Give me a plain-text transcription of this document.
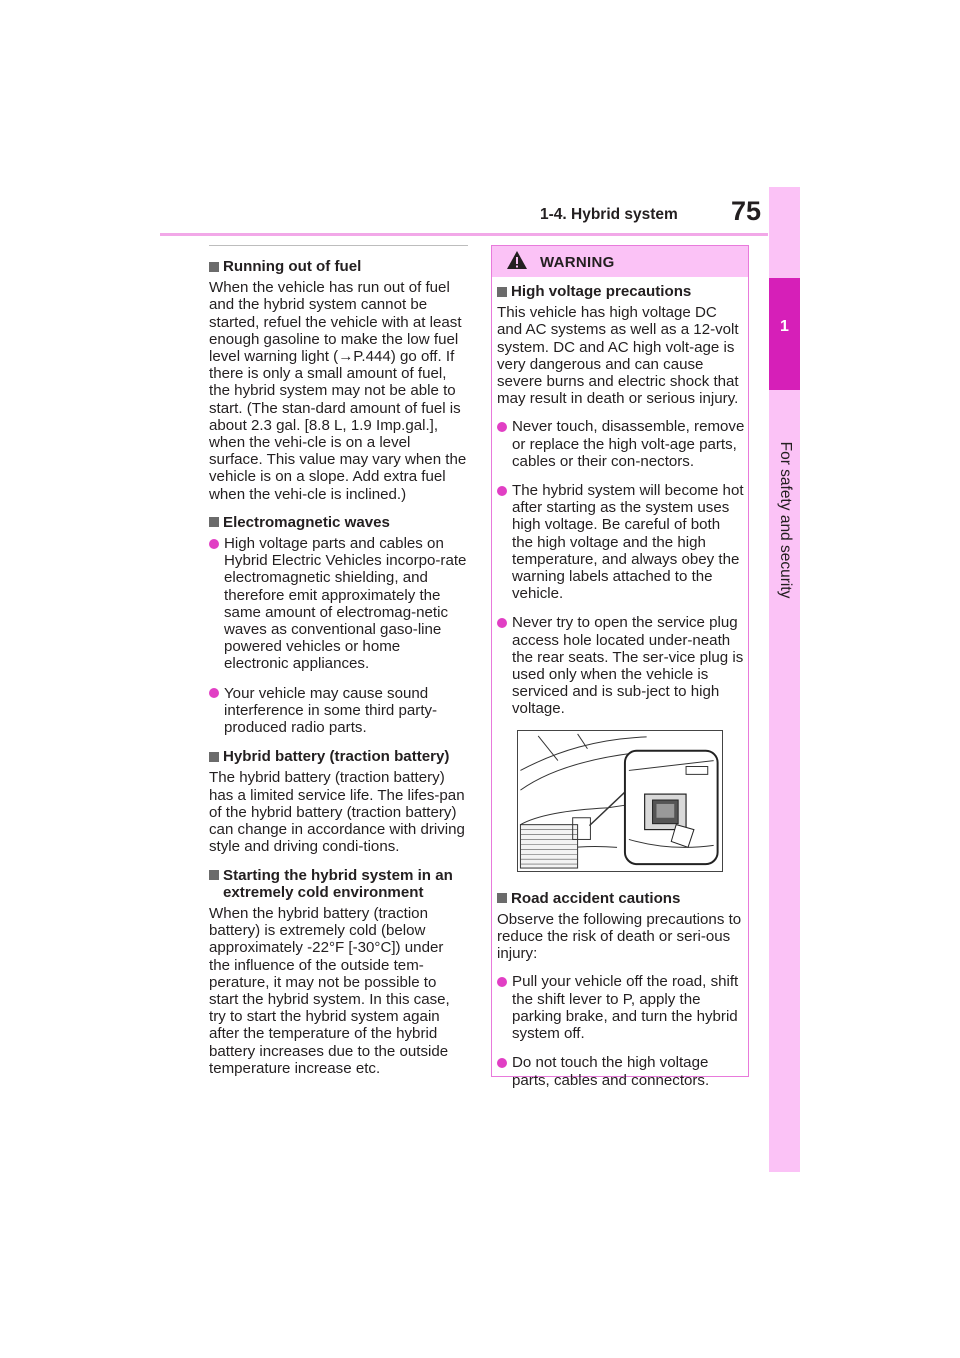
1-4. Hybrid system 75
1
For safety and security
Running out of fuel

When the vehicle has run out of fuel and the hybrid system cannot be started, refuel the vehicle with at least enough gasoline to make the low fuel level warning light (→P.444) go off. If there is only a small amount of fuel, the hybrid system may not be able to start. (The stan-dard amount of fuel is about 2.3 gal. [8.8 L, 1.9 Imp.gal.], when the vehi-cle is on a level surface. This value may vary when the vehicle is on a slope. Add extra fuel when the vehi-cle is inclined.)

Electromagnetic waves
High voltage parts and cables on Hybrid Electric Vehicles incorpo-rate electromagnetic shielding, and therefore emit approximately the same amount of electromag-netic waves as conventional gaso-line powered vehicles or home electronic appliances.
Your vehicle may cause sound interference in some third party-produced radio parts.
Hybrid battery (traction battery)

The hybrid battery (traction battery) has a limited service life. The lifes-pan of the hybrid battery (traction battery) can change in accordance with driving style and driving condi-tions.

Starting the hybrid system in an extremely cold environment

When the hybrid battery (traction battery) is extremely cold (below approximately -22°F [-30°C]) under the influence of the outside tem-perature, it may not be possible to start the hybrid system. In this case, try to start the hybrid system again after the temperature of the hybrid battery increases due to the outside temperature increase etc.

WARNING
High voltage precautions

This vehicle has high voltage DC and AC systems as well as a 12-volt system. DC and AC high volt-age is very dangerous and can cause severe burns and electric shock that may result in death or serious injury.

Never touch, disassemble, remove or replace the high volt-age parts, cables or their con-nectors.
The hybrid system will become hot after starting as the system uses high voltage. Be careful of both the high voltage and the high temperature, and always obey the warning labels attached to the vehicle.
Never try to open the service plug access hole located under-neath the rear seats. The ser-vice plug is used only when the vehicle is serviced and is sub-ject to high voltage.
Road accident cautions

Observe the following precautions to reduce the risk of death or seri-ous injury:

Pull your vehicle off the road, shift the shift lever to P, apply the parking brake, and turn the hybrid system off.
Do not touch the high voltage parts, cables and connectors.
